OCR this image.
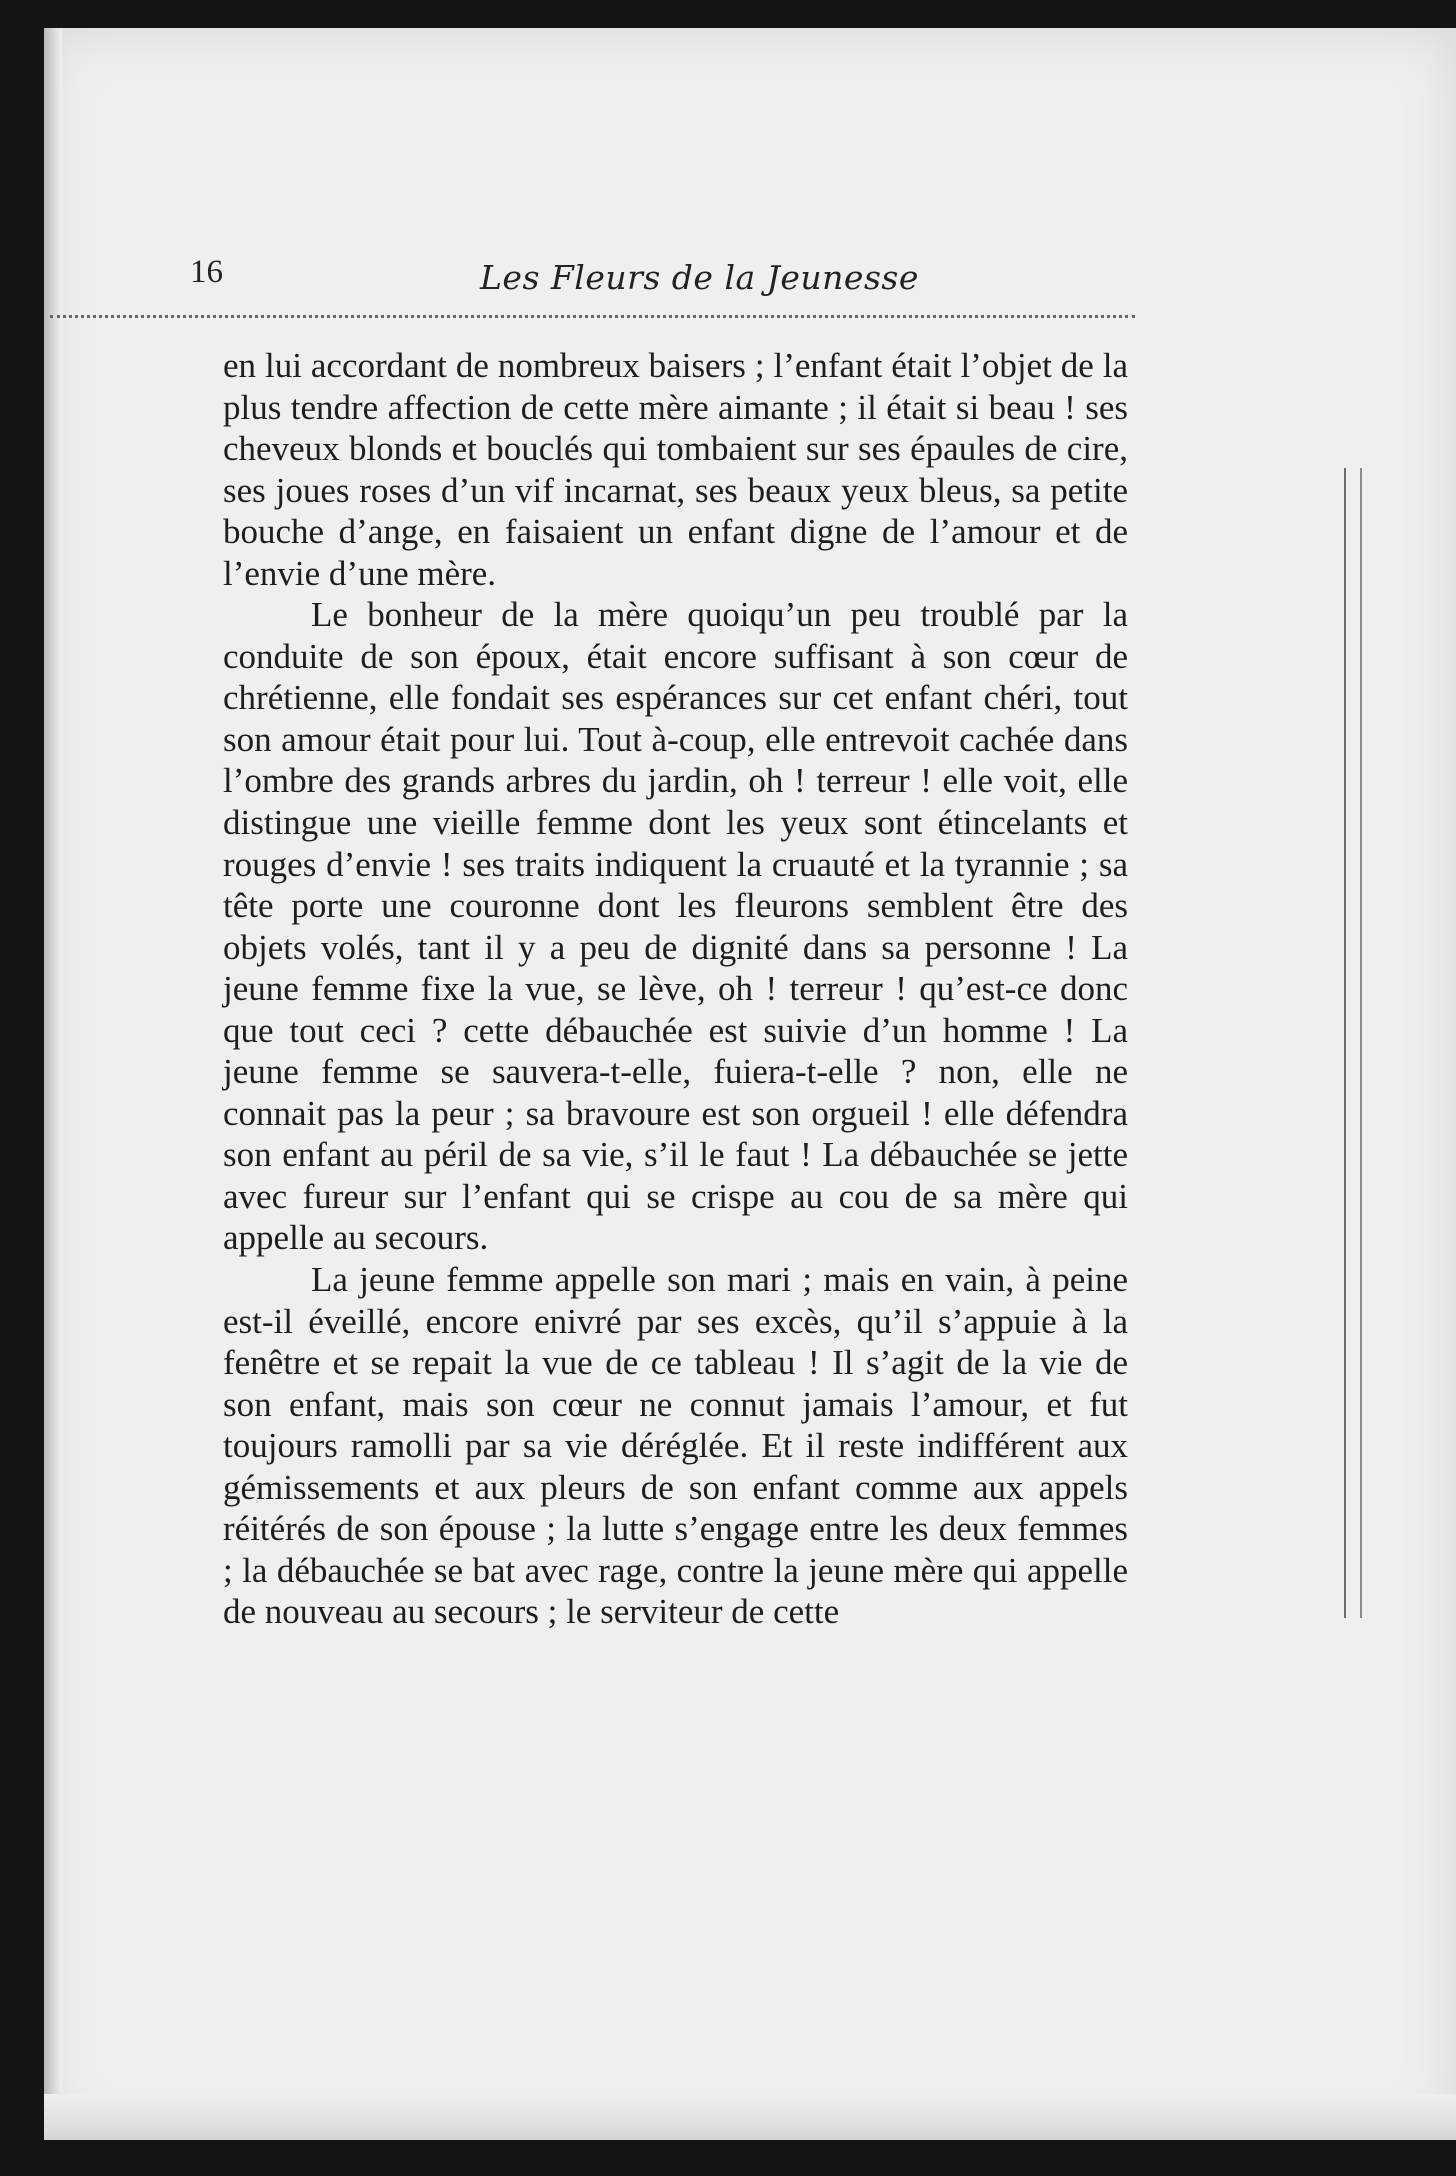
16	Les Fleurs de la Jeunesse

en lui accordant de nombreux baisers ; l’enfant était l’objet de la plus tendre affection de cette mère aimante ; il était si beau ! ses cheveux blonds et bouclés qui tombaient sur ses épaules de cire, ses joues roses d’un vif incarnat, ses beaux yeux bleus, sa petite bouche d’ange, en faisaient un enfant digne de l’amour et de l’envie d’une mère.

Le bonheur de la mère quoiqu’un peu troublé par la conduite de son époux, était encore suffisant à son cœur de chrétienne, elle fondait ses espérances sur cet enfant chéri, tout son amour était pour lui. Tout à-coup, elle entrevoit cachée dans l’ombre des grands arbres du jardin, oh ! terreur ! elle voit, elle distingue une vieille femme dont les yeux sont étincelants et rouges d’envie ! ses traits indiquent la cruauté et la tyrannie ; sa tête porte une couronne dont les fleurons semblent être des objets volés, tant il y a peu de dignité dans sa personne ! La jeune femme fixe la vue, se lève, oh ! terreur ! qu’est-ce donc que tout ceci ? cette débauchée est suivie d’un homme ! La jeune femme se sauvera-t-elle, fuiera-t-elle ? non, elle ne connait pas la peur ; sa bravoure est son orgueil ! elle défendra son enfant au péril de sa vie, s’il le faut ! La débauchée se jette avec fureur sur l’enfant qui se crispe au cou de sa mère qui appelle au secours.

La jeune femme appelle son mari ; mais en vain, à peine est-il éveillé, encore enivré par ses excès, qu’il s’appuie à la fenêtre et se repait la vue de ce tableau ! Il s’agit de la vie de son enfant, mais son cœur ne connut jamais l’amour, et fut toujours ramolli par sa vie déréglée. Et il reste indifférent aux gémissements et aux pleurs de son enfant comme aux appels réitérés de son épouse ; la lutte s’engage entre les deux femmes ; la débauchée se bat avec rage, contre la jeune mère qui appelle de nouveau au secours ; le serviteur de cette
